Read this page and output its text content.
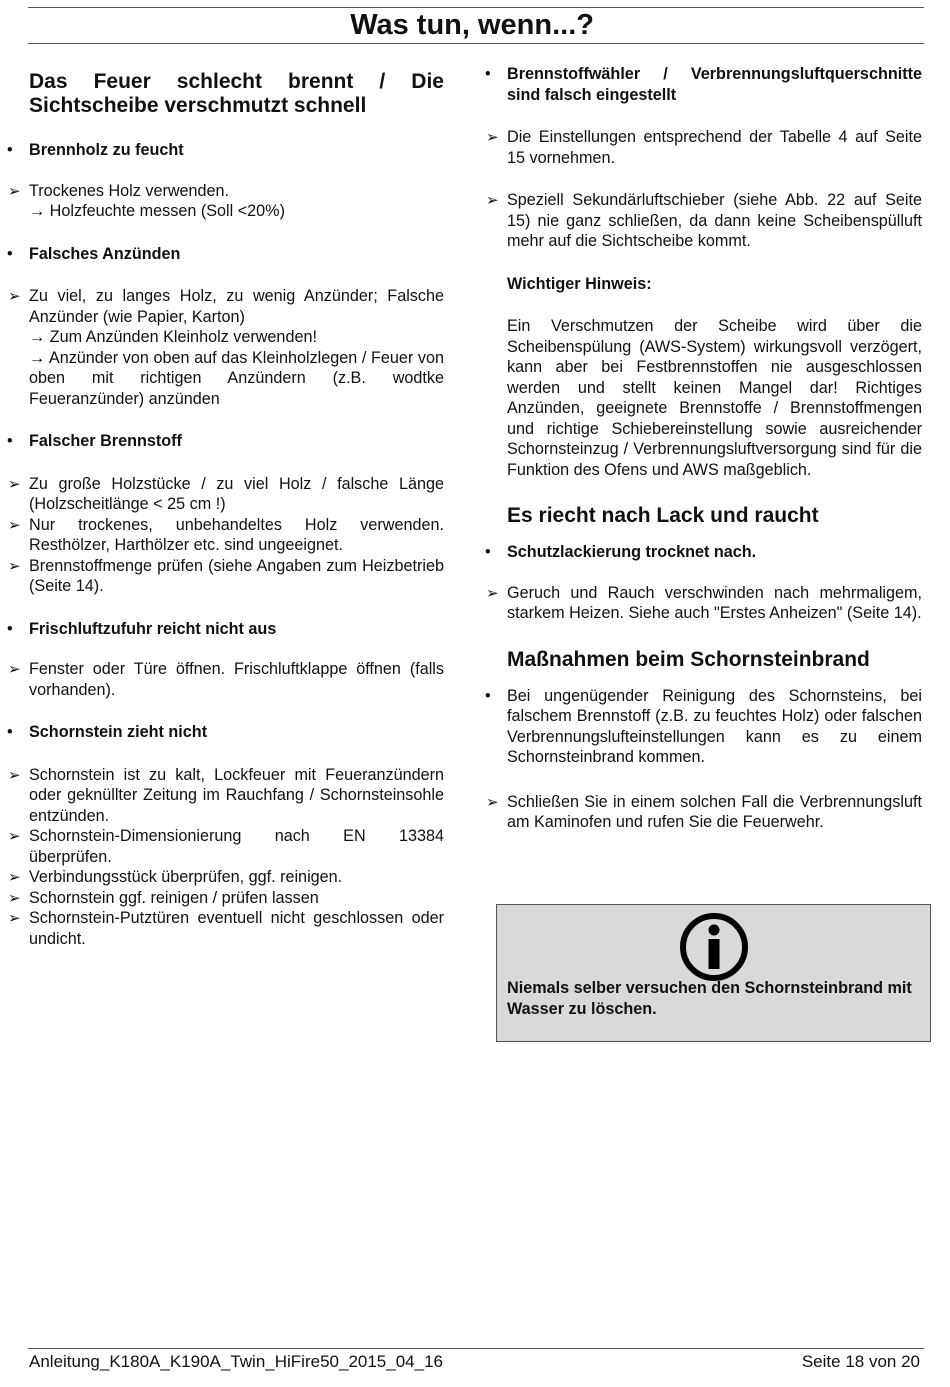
Was tun, wenn...?
Das Feuer schlecht brennt / Die Sichtscheibe verschmutzt schnell

• Brennholz zu feucht

➢ Trockenes Holz verwenden.
→ Holzfeuchte messen (Soll <20%)

• Falsches Anzünden

➢ Zu viel, zu langes Holz, zu wenig Anzünder; Falsche Anzünder (wie Papier, Karton)
→ Zum Anzünden Kleinholz verwenden!
→ Anzünder von oben auf das Kleinholzlegen / Feuer von oben mit richtigen Anzündern (z.B. wodtke Feueranzünder) anzünden

• Falscher Brennstoff

➢ Zu große Holzstücke / zu viel Holz / falsche Länge (Holzscheitlänge < 25 cm !)

➢ Nur trockenes, unbehandeltes Holz verwenden. Resthölzer, Harthölzer etc. sind ungeeignet.

➢ Brennstoffmenge prüfen (siehe Angaben zum Heizbetrieb (Seite 14).

• Frischluftzufuhr reicht nicht aus

➢ Fenster oder Türe öffnen. Frischluftklappe öffnen (falls vorhanden).

• Schornstein zieht nicht

➢ Schornstein ist zu kalt, Lockfeuer mit Feueranzündern oder geknüllter Zeitung im Rauchfang / Schornsteinsohle entzünden.

➢ Schornstein-Dimensionierung nach EN 13384 überprüfen.

➢ Verbindungsstück überprüfen, ggf. reinigen.

➢ Schornstein ggf. reinigen / prüfen lassen

➢ Schornstein-Putztüren eventuell nicht geschlossen oder undicht.

• Brennstoffwähler / Verbrennungsluftquerschnitte sind falsch eingestellt

➢ Die Einstellungen entsprechend der Tabelle 4 auf Seite 15 vornehmen.

➢ Speziell Sekundärluftschieber (siehe Abb. 22 auf Seite 15) nie ganz schließen, da dann keine Scheibenspülluft mehr auf die Sichtscheibe kommt.

Wichtiger Hinweis:

Ein Verschmutzen der Scheibe wird über die Scheibenspülung (AWS-System) wirkungsvoll verzögert, kann aber bei Festbrennstoffen nie ausgeschlossen werden und stellt keinen Mangel dar! Richtiges Anzünden, geeignete Brennstoffe / Brennstoffmengen und richtige Schiebereinstellung sowie ausreichender Schornsteinzug / Verbrennungsluftversorgung sind für die Funktion des Ofens und AWS maßgeblich.

Es riecht nach Lack und raucht

• Schutzlackierung trocknet nach.

➢ Geruch und Rauch verschwinden nach mehrmaligem, starkem Heizen. Siehe auch "Erstes Anheizen" (Seite 14).

Maßnahmen beim Schornsteinbrand

• Bei ungenügender Reinigung des Schornsteins, bei falschem Brennstoff (z.B. zu feuchtes Holz) oder falschen Verbrennungslufteinstellungen kann es zu einem Schornsteinbrand kommen.

➢ Schließen Sie in einem solchen Fall die Verbrennungsluft am Kaminofen und rufen Sie die Feuerwehr.

Niemals selber versuchen den Schornsteinbrand mit Wasser zu löschen.

Anleitung_K180A_K190A_Twin_HiFire50_2015_04_16	Seite 18 von 20
